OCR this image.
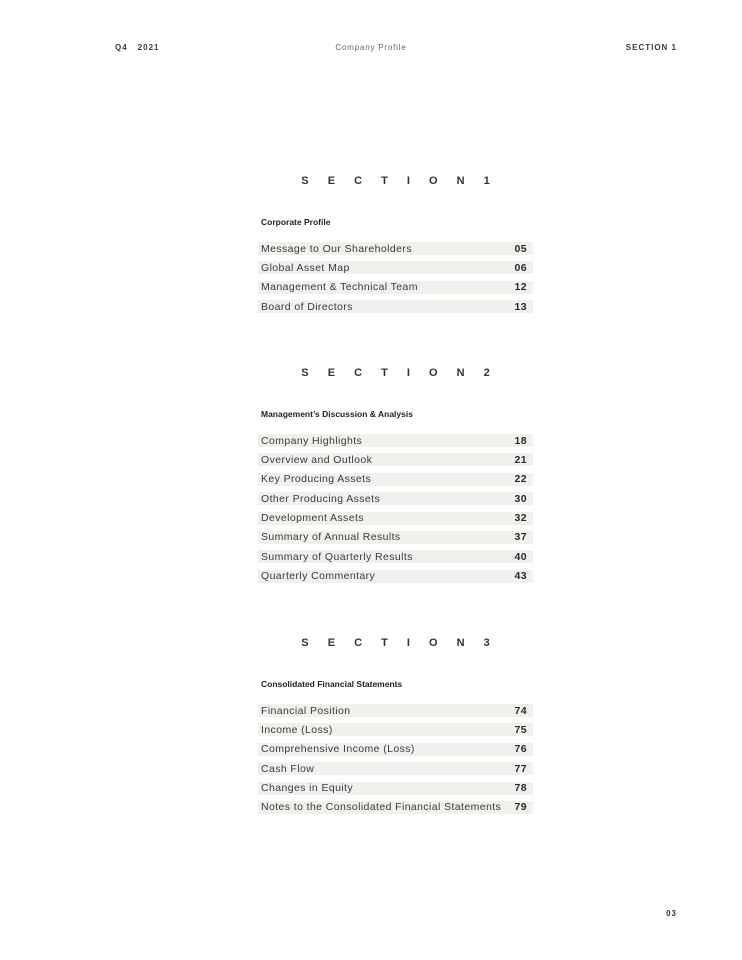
Q4 2021	Company Profile	SECTION 1
S E C T I O N 1
Corporate Profile
Message to Our Shareholders	05
Global Asset Map	06
Management & Technical Team	12
Board of Directors	13
S E C T I O N 2
Management’s Discussion & Analysis
Company Highlights	18
Overview and Outlook	21
Key Producing Assets	22
Other Producing Assets	30
Development Assets	32
Summary of Annual Results	37
Summary of Quarterly Results	40
Quarterly Commentary	43
S E C T I O N 3
Consolidated Financial Statements
Financial Position	74
Income (Loss)	75
Comprehensive Income (Loss)	76
Cash Flow	77
Changes in Equity	78
Notes to the Consolidated Financial Statements 79
03
